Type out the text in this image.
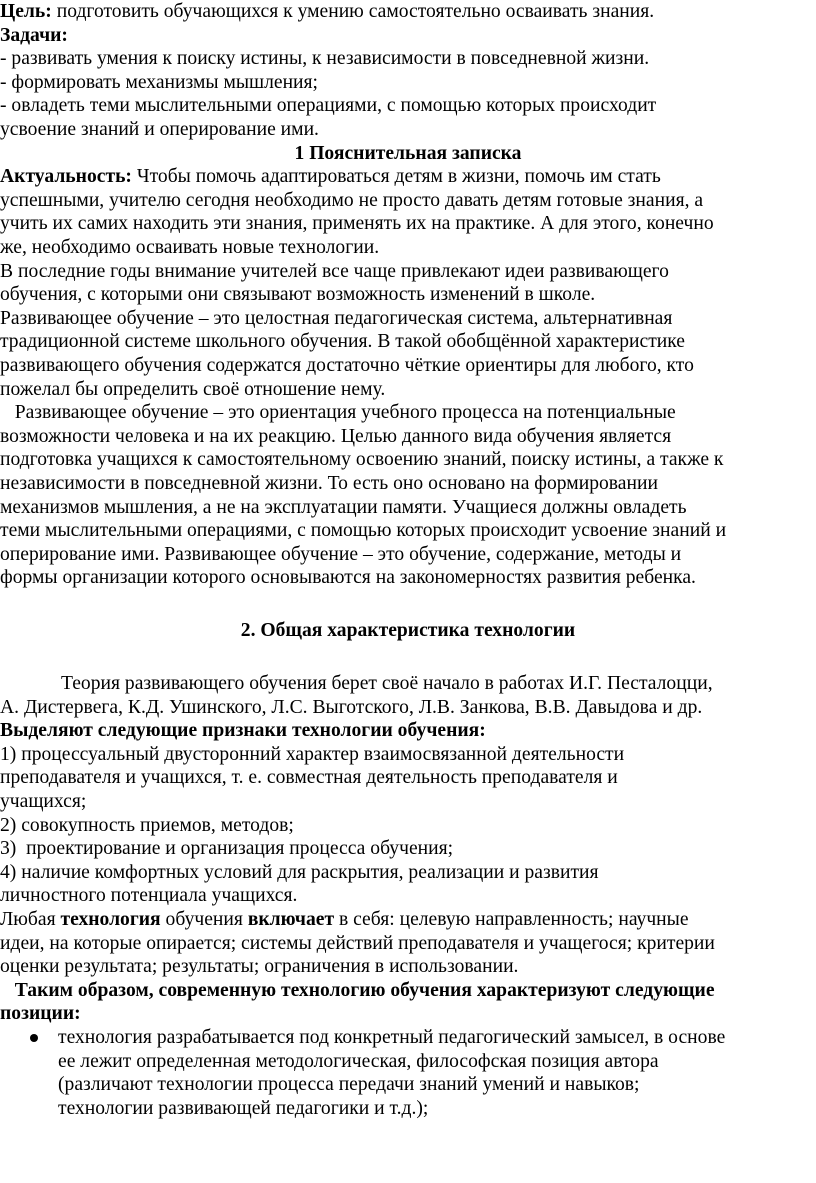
Цель: подготовить обучающихся к умению самостоятельно осваивать знания.
Задачи:
- развивать умения к поиску истины, к независимости в повседневной жизни.
- формировать механизмы мышления;
- овладеть теми мыслительными операциями, с помощью которых происходит
усвоение знаний и оперирование ими.
1 Пояснительная записка
Актуальность: Чтобы помочь адаптироваться детям в жизни, помочь им стать
успешными, учителю сегодня необходимо не просто давать детям готовые знания, а
учить их самих находить эти знания, применять их на практике. А для этого, конечно
же, необходимо осваивать новые технологии.
В последние годы внимание учителей все чаще привлекают идеи развивающего
обучения, с которыми они связывают возможность изменений в школе.
Развивающее обучение – это целостная педагогическая система, альтернативная
традиционной системе школьного обучения. В такой обобщённой характеристике
развивающего обучения содержатся достаточно чёткие ориентиры для любого, кто
пожелал бы определить своё отношение нему.
Развивающее обучение – это ориентация учебного процесса на потенциальные
возможности человека и на их реакцию. Целью данного вида обучения является
подготовка учащихся к самостоятельному освоению знаний, поиску истины, а также к
независимости в повседневной жизни. То есть оно основано на формировании
механизмов мышления, а не на эксплуатации памяти. Учащиеся должны овладеть
теми мыслительными операциями, с помощью которых происходит усвоение знаний и
оперирование ими. Развивающее обучение – это обучение, содержание, методы и
формы организации которого основываются на закономерностях развития ребенка.
2. Общая характеристика технологии
Теория развивающего обучения берет своё начало в работах И.Г. Песталоцци,
А. Дистервега, К.Д. Ушинского, Л.С. Выготского, Л.В. Занкова, В.В. Давыдова и др.
Выделяют следующие признаки технологии обучения:
1) процессуальный двусторонний характер взаимосвязанной деятельности
преподавателя и учащихся, т. е. совместная деятельность преподавателя и
учащихся;
2) совокупность приемов, методов;
3)  проектирование и организация процесса обучения;
4) наличие комфортных условий для раскрытия, реализации и развития
личностного потенциала учащихся.
Любая технология обучения включает в себя: целевую направленность; научные
идеи, на которые опирается; системы действий преподавателя и учащегося; критерии
оценки результата; результаты; ограничения в использовании.
Таким образом, современную технологию обучения характеризуют следующие
позиции:
технология разрабатывается под конкретный педагогический замысел, в основе
ее лежит определенная методологическая, философская позиция автора
(различают технологии процесса передачи знаний умений и навыков;
технологии развивающей педагогики и т.д.);
